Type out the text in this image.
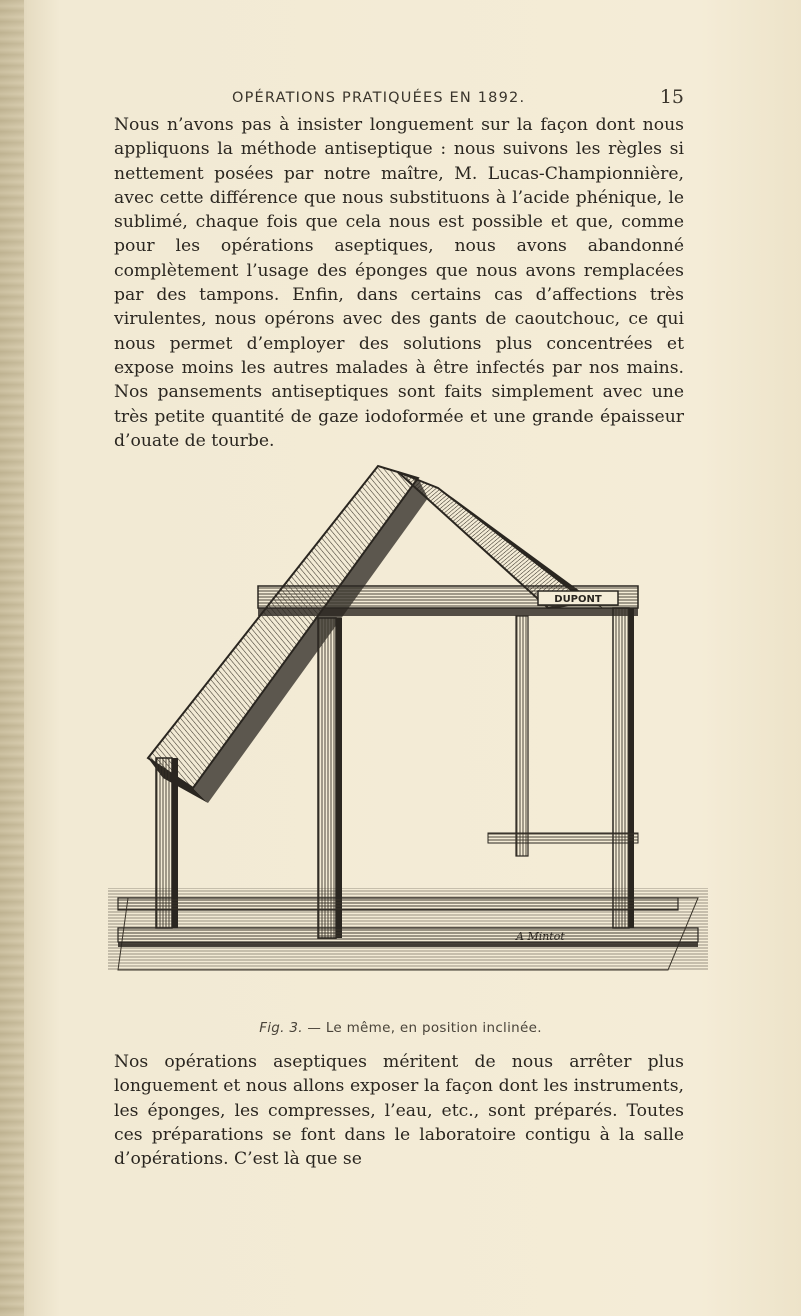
OPÉRATIONS PRATIQUÉES EN 1892.	15

Nous n’avons pas à insister longuement sur la façon dont nous appliquons la méthode antiseptique : nous suivons les règles si nettement posées par notre maître, M. Lucas-Championnière, avec cette différence que nous substituons à l’acide phénique, le sublimé, chaque fois que cela nous est possible et que, comme pour les opérations aseptiques, nous avons abandonné complètement l’usage des éponges que nous avons remplacées par des tampons. Enfin, dans certains cas d’affections très virulentes, nous opérons avec des gants de caoutchouc, ce qui nous permet d’employer des solutions plus concentrées et expose moins les autres malades à être infectés par nos mains. Nos pansements antiseptiques sont faits simplement avec une très petite quantité de gaze iodoformée et une grande épaisseur d’ouate de tourbe.

DUPONT
A Mintot
Fig. 3. — Le même, en position inclinée.

Nos opérations aseptiques méritent de nous arrêter plus longuement et nous allons exposer la façon dont les instruments, les éponges, les compresses, l’eau, etc., sont préparés. Toutes ces préparations se font dans le laboratoire contigu à la salle d’opérations. C’est là que se
